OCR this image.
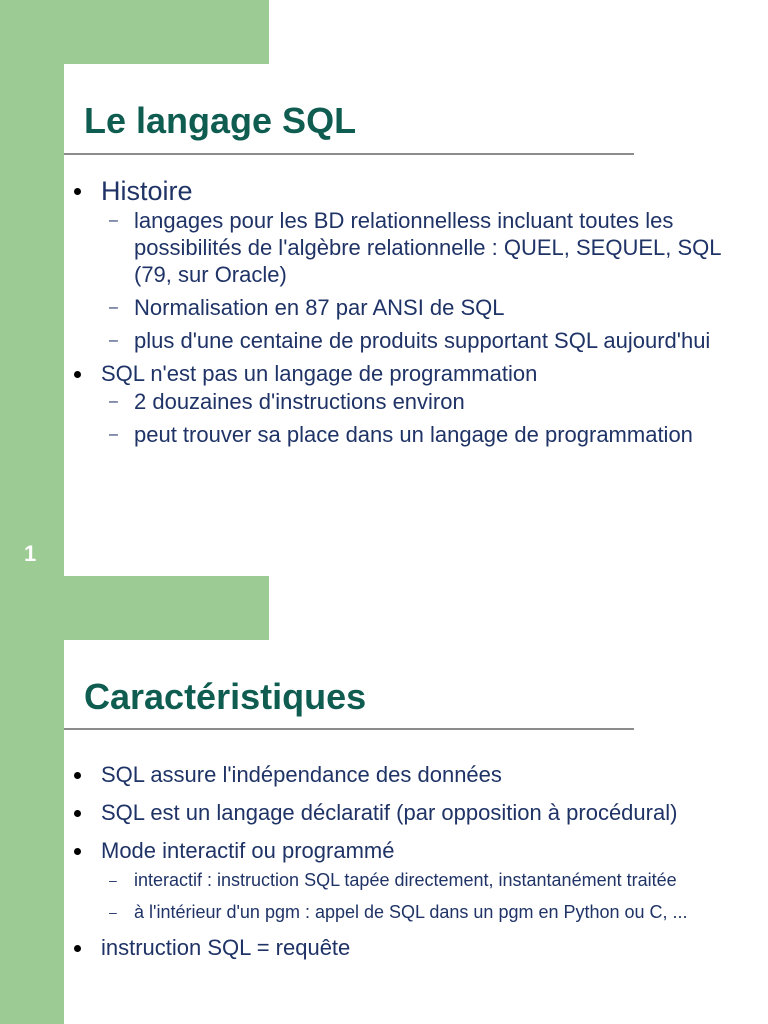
1
Le langage SQL
Histoire
– langages pour les BD relationnelless incluant toutes les possibilités de l'algèbre relationnelle : QUEL, SEQUEL, SQL (79, sur Oracle)
– Normalisation en 87 par ANSI de SQL
– plus d'une centaine de produits supportant SQL aujourd'hui
SQL n'est pas un langage de programmation
– 2 douzaines d'instructions environ
– peut trouver sa place dans un langage de programmation
Caractéristiques
SQL assure l'indépendance des données
SQL est un langage déclaratif (par opposition à procédural)
Mode interactif ou programmé
– interactif : instruction SQL tapée directement, instantanément traitée
– à l'intérieur d'un pgm : appel de SQL dans un pgm en Python ou C, ...
instruction SQL = requête
